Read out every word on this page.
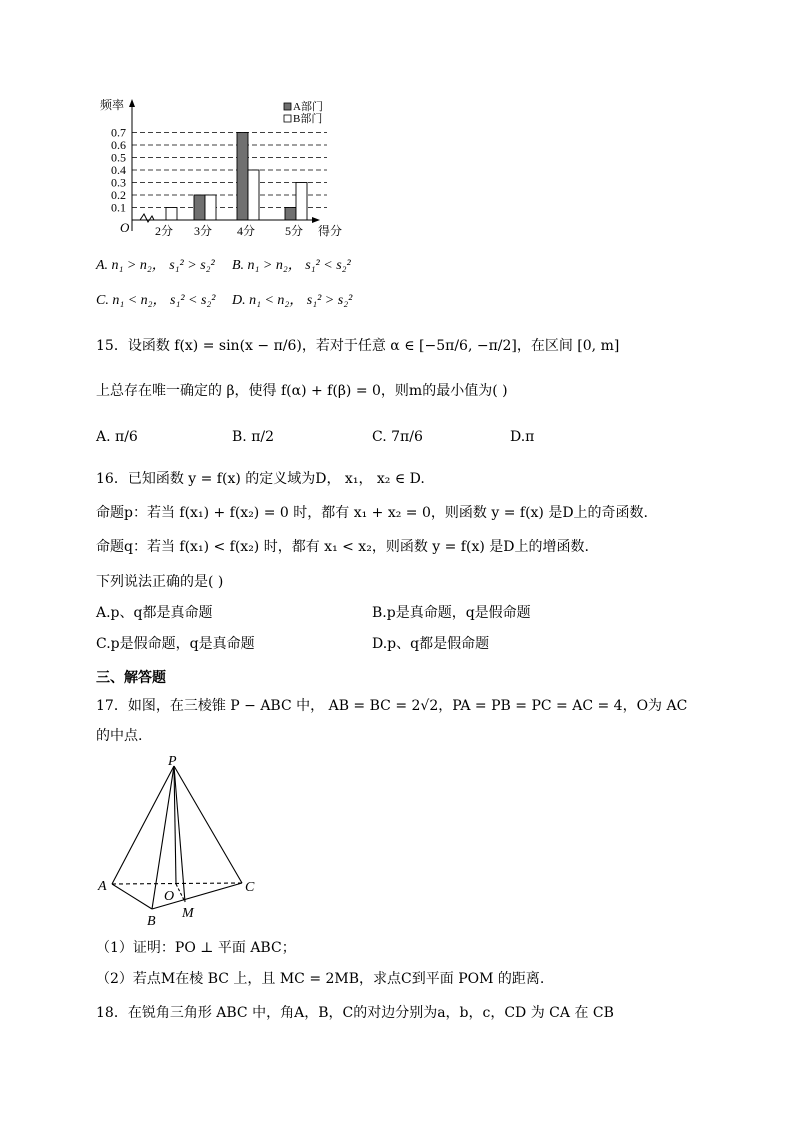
0.1
0.2
0.3
0.4
0.5
0.6
0.7
2分 3分 4分 5分
频率
得分
O
A部门
B部门
A. n₁ > n₂， s₁² > s₂² B. n₁ > n₂， s₁² < s₂²
C. n₁ < n₂， s₁² < s₂² D. n₁ < n₂， s₁² > s₂²
15．设函数 f(x) = sin(x − π/6)，若对于任意 α ∈ [−5π/6, −π/2]，在区间 [0, m]
上总存在唯一确定的 β，使得 f(α) + f(β) = 0，则m的最小值为( )
A. π/6	B. π/2	C. 7π/6	D.π
16．已知函数 y = f(x) 的定义域为D， x₁， x₂ ∈ D.
命题p：若当 f(x₁) + f(x₂) = 0 时，都有 x₁ + x₂ = 0，则函数 y = f(x) 是D上的奇函数.
命题q：若当 f(x₁) < f(x₂) 时，都有 x₁ < x₂，则函数 y = f(x) 是D上的增函数.
下列说法正确的是( )
A.p、q都是真命题	B.p是真命题，q是假命题
C.p是假命题，q是真命题	D.p、q都是假命题
三、解答题
17．如图，在三棱锥 P − ABC 中， AB = BC = 2√2，PA = PB = PC = AC = 4，O为 AC
的中点.
P
A	C
O
B
M
（1）证明：PO ⊥ 平面 ABC；
（2）若点M在棱 BC 上，且 MC = 2MB，求点C到平面 POM 的距离.
18．在锐角三角形 ABC 中，角A，B，C的对边分别为a，b，c，CD 为 CA 在 CB
